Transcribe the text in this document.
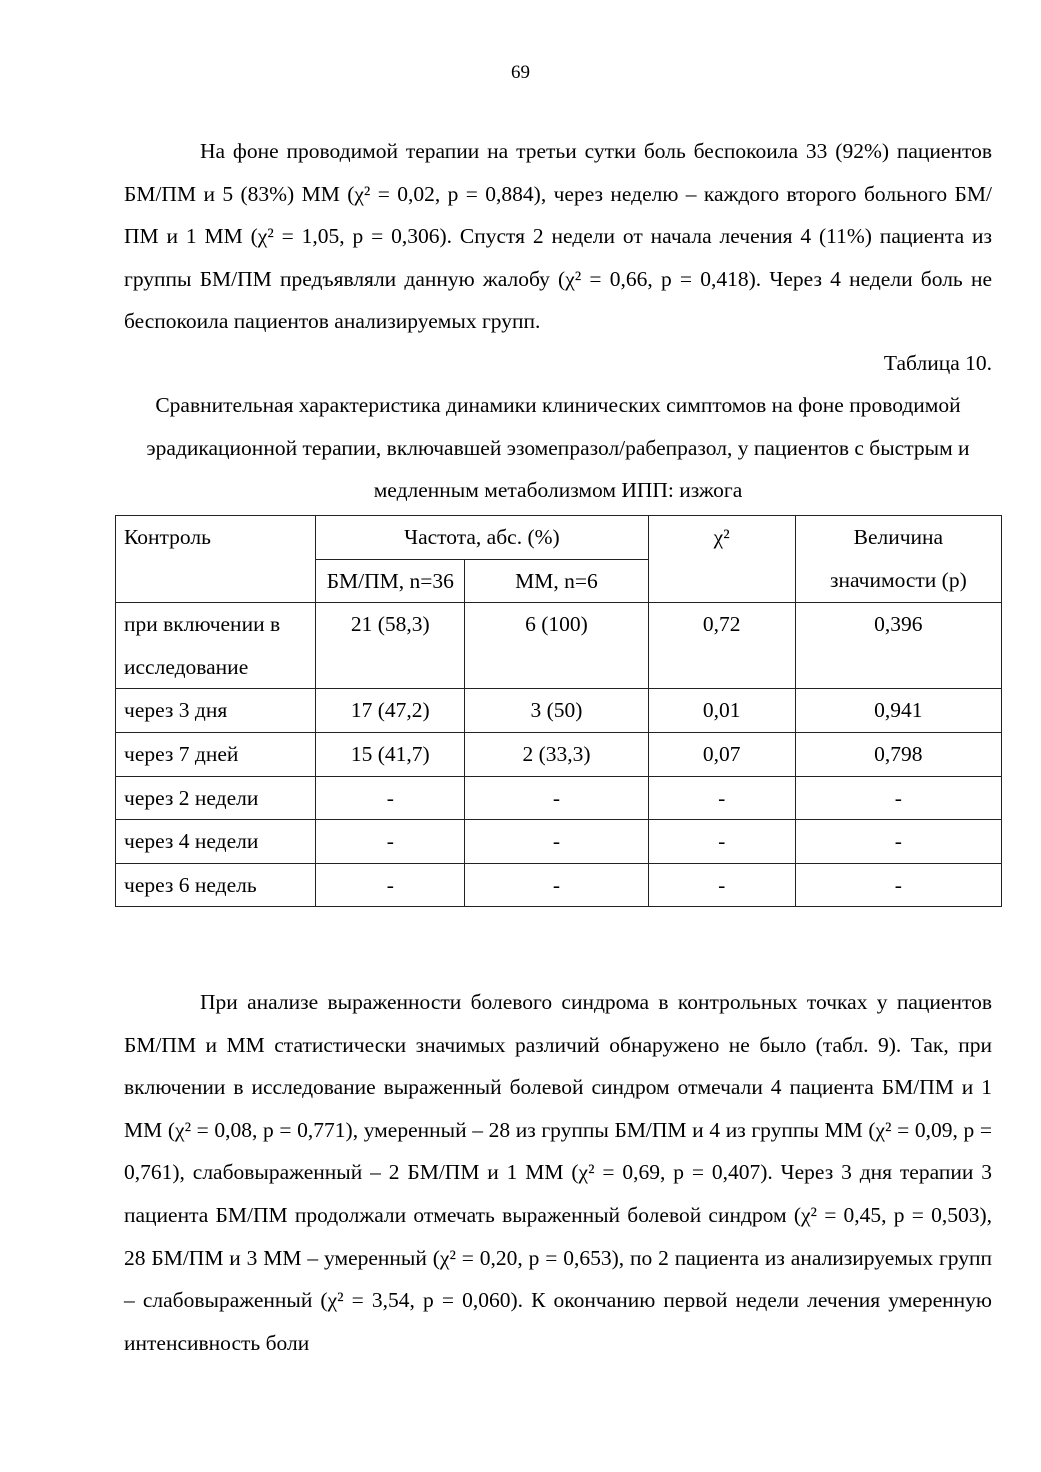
69

На фоне проводимой терапии на третьи сутки боль беспокоила 33 (92%) пациентов БМ/ПМ и 5 (83%) ММ (χ² = 0,02, p = 0,884), через неделю – каждого второго больного БМ/ПМ и 1 ММ (χ² = 1,05, p = 0,306). Спустя 2 недели от начала лечения 4 (11%) пациента из группы БМ/ПМ предъявляли данную жалобу (χ² = 0,66, p = 0,418). Через 4 недели боль не беспокоила пациентов анализируемых групп.

Таблица 10.

Сравнительная характеристика динамики клинических симптомов на фоне проводимой эрадикационной терапии, включавшей эзомепразол/рабепразол, у пациентов с быстрым и медленным метаболизмом ИПП: изжога

Контроль	Частота, абс. (%)		χ²	Величина значимости (p)
	БМ/ПМ, n=36	ММ, n=6		
при включении в исследование	21 (58,3)	6 (100)	0,72	0,396
через 3 дня	17 (47,2)	3 (50)	0,01	0,941
через 7 дней	15 (41,7)	2 (33,3)	0,07	0,798
через 2 недели	-	-	-	-
через 4 недели	-	-	-	-
через 6 недель	-	-	-	-

При анализе выраженности болевого синдрома в контрольных точках у пациентов БМ/ПМ и ММ статистически значимых различий обнаружено не было (табл. 9). Так, при включении в исследование выраженный болевой синдром отмечали 4 пациента БМ/ПМ и 1 ММ (χ² = 0,08, p = 0,771), умеренный – 28 из группы БМ/ПМ и 4 из группы ММ (χ² = 0,09, p = 0,761), слабовыраженный – 2 БМ/ПМ и 1 ММ (χ² = 0,69, p = 0,407). Через 3 дня терапии 3 пациента БМ/ПМ продолжали отмечать выраженный болевой синдром (χ² = 0,45, p = 0,503), 28 БМ/ПМ и 3 ММ – умеренный (χ² = 0,20, p = 0,653), по 2 пациента из анализируемых групп – слабовыраженный (χ² = 3,54, p = 0,060). К окончанию первой недели лечения умеренную интенсивность боли
